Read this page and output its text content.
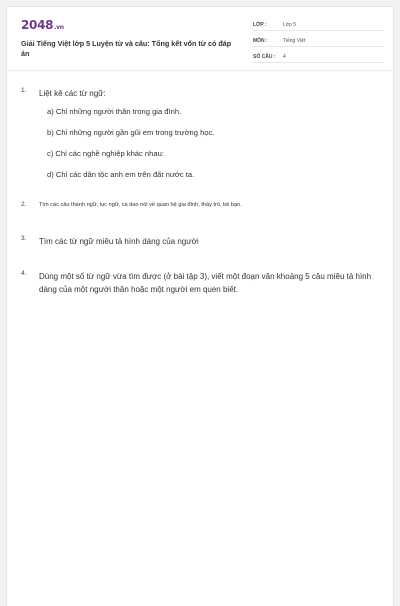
2048.vn
Giải Tiếng Việt lớp 5 Luyện từ và câu: Tổng kết vốn từ có đáp án
LỚP :	Lớp 5
MÔN :	Tiếng Việt
SỐ CÂU :	4
1. Liệt kê các từ ngữ:
a) Chỉ những người thân trong gia đình.
b) Chỉ những người gần gũi em trong trường học.
c) Chỉ các nghề nghiệp khác nhau:
d) Chỉ các dân tộc anh em trên đất nước ta.
2. Tìm các câu thành ngữ, tục ngữ, ca dao nói về quan hệ gia đình, thầy trò, bè bạn.
3. Tìm các từ ngữ miêu tả hình dáng của người
4. Dùng một số từ ngữ vừa tìm được (ở bài tập 3), viết một đoạn văn khoảng 5 câu miêu tả hình dáng của một người thân hoặc một người em quen biết.
